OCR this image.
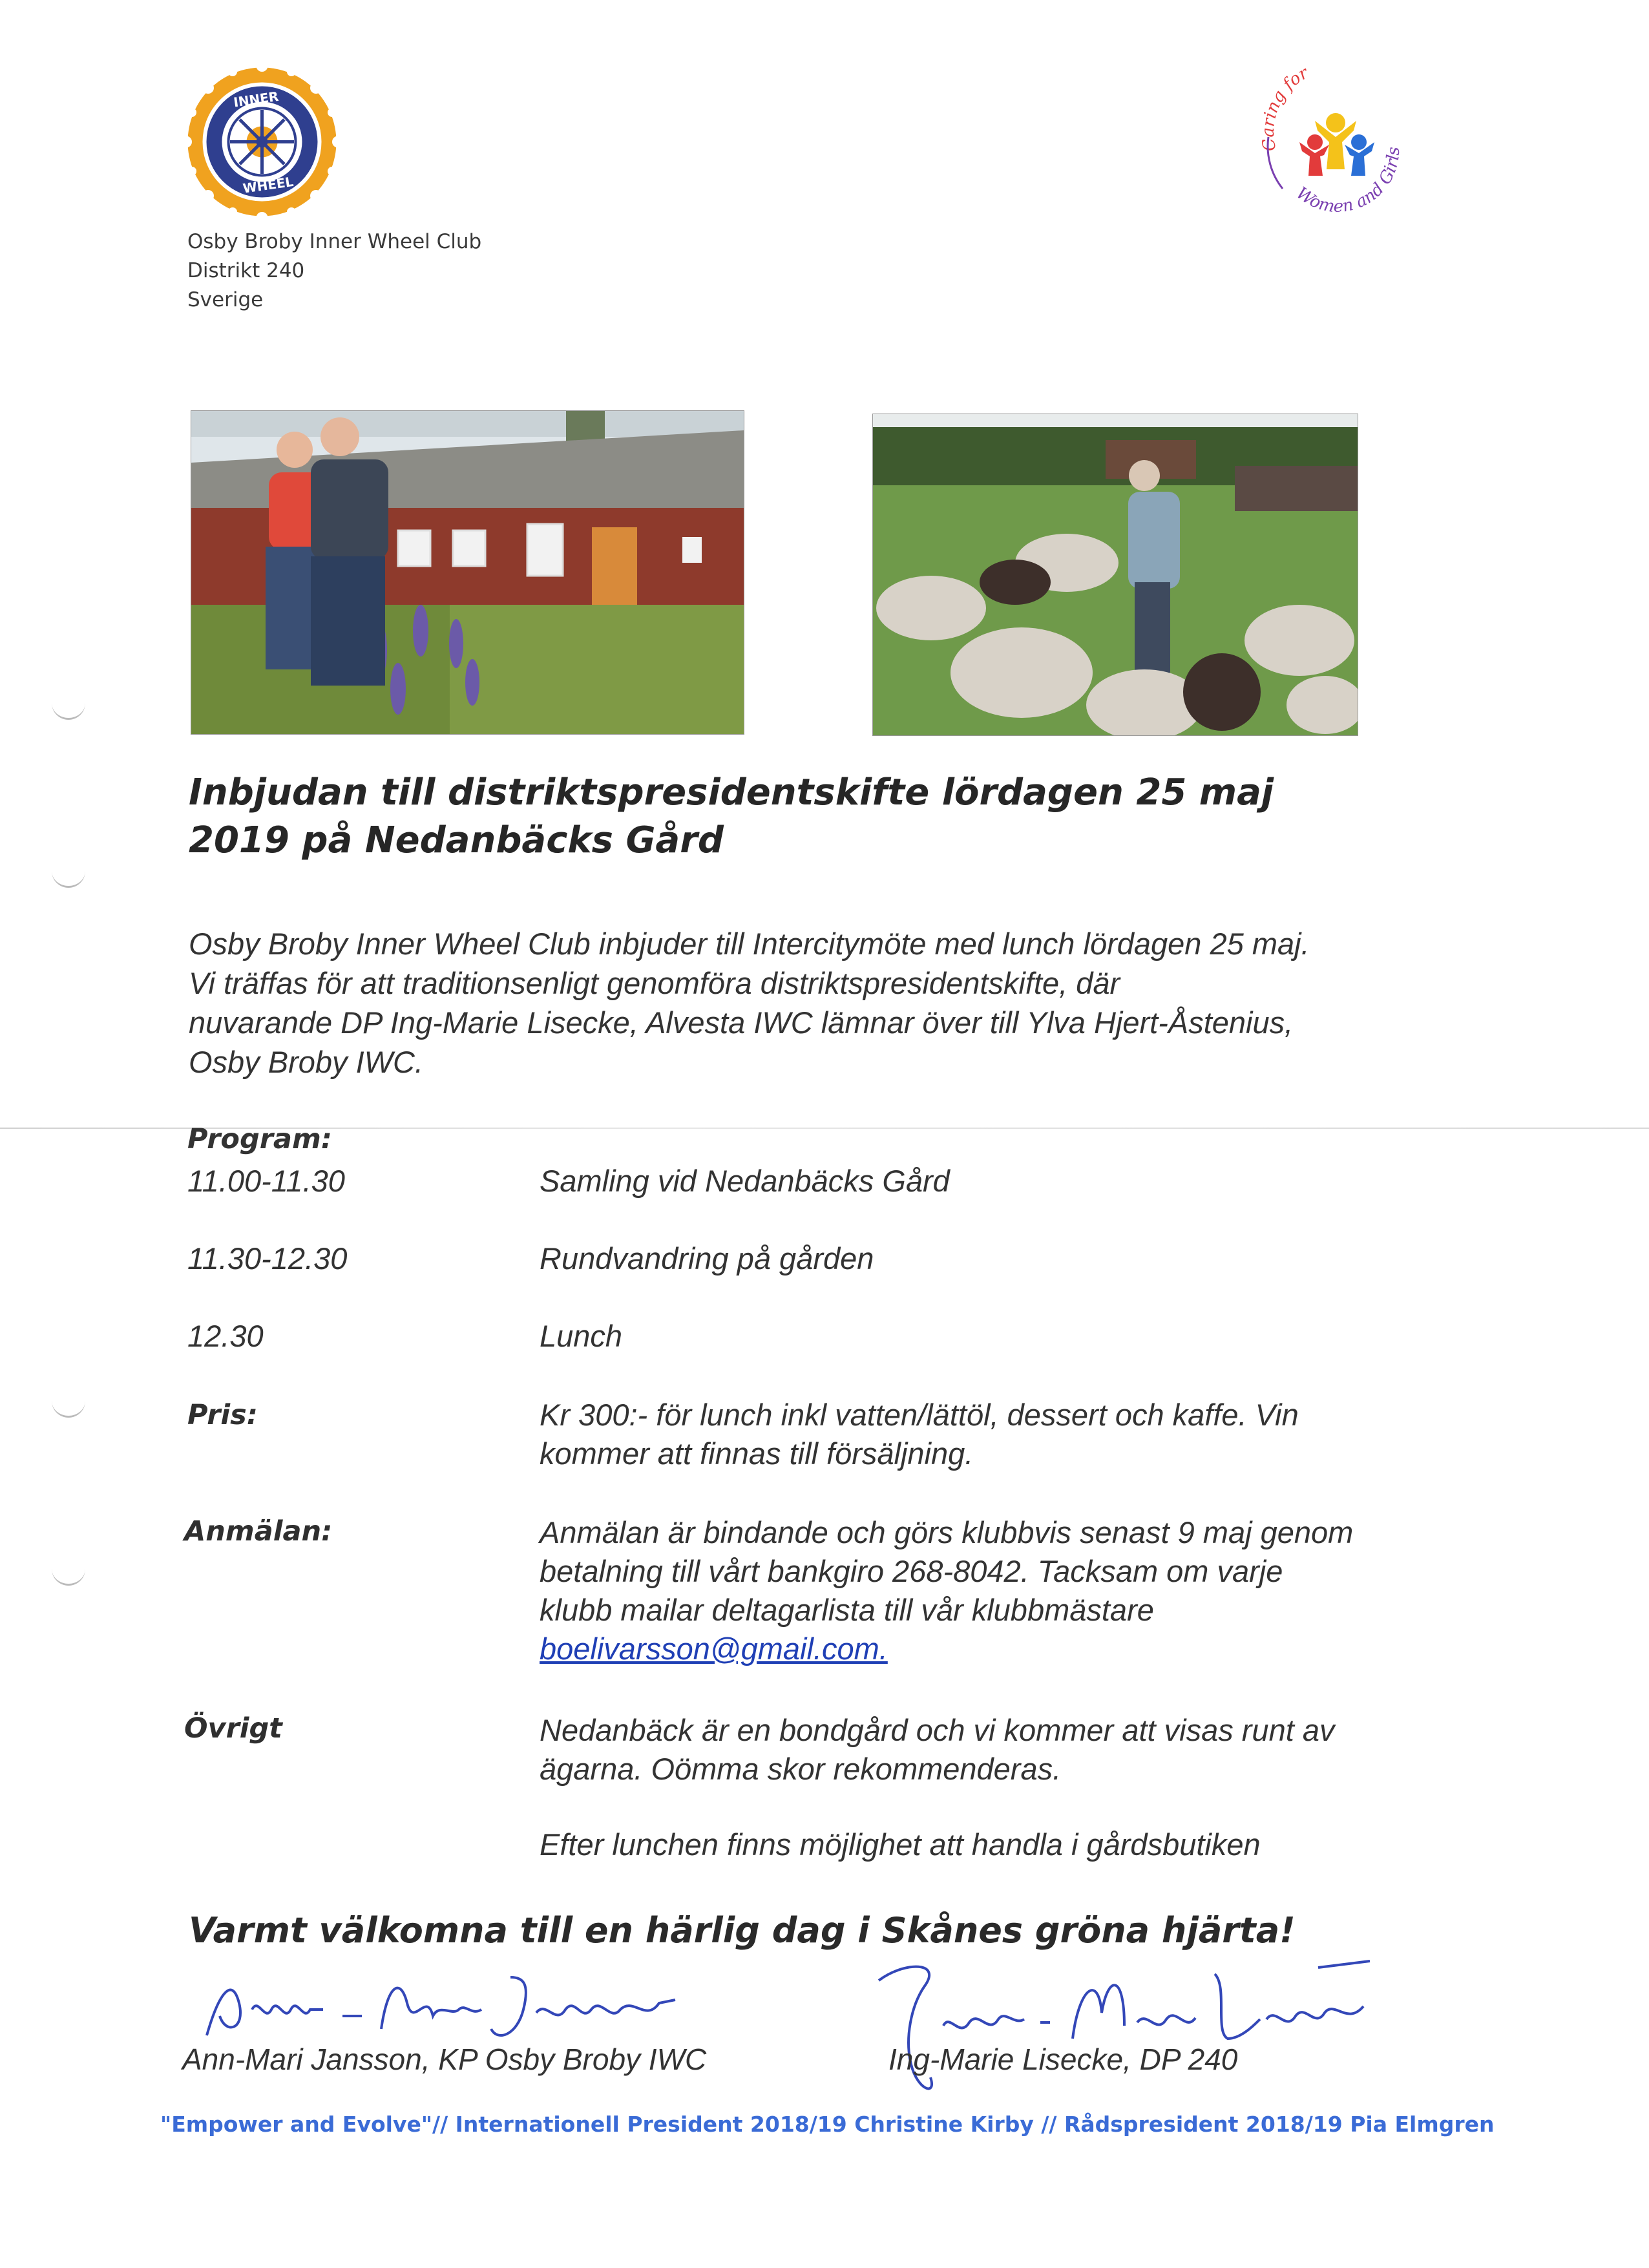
INNER
WHEEL
Caring for
Women and Girls
Osby Broby Inner Wheel Club
Distrikt 240
Sverige
Inbjudan till distriktspresidentskifte lördagen 25 maj
2019 på Nedanbäcks Gård
Osby Broby Inner Wheel Club inbjuder till Intercitymöte med lunch lördagen 25 maj.
Vi träffas för att traditionsenligt genomföra distriktspresidentskifte, där
nuvarande DP Ing-Marie Lisecke, Alvesta IWC lämnar över till Ylva Hjert-Åstenius,
Osby Broby IWC.
Program:
11.00-11.30	Samling vid Nedanbäcks Gård
11.30-12.30	Rundvandring på gården
12.30	Lunch
Pris:	Kr 300:- för lunch inkl vatten/lättöl, dessert och kaffe. Vin
kommer att finnas till försäljning.
Anmälan:	Anmälan är bindande och görs klubbvis senast 9 maj genom
betalning till vårt bankgiro 268-8042. Tacksam om varje
klubb mailar deltagarlista till vår klubbmästare
boelivarsson@gmail.com.
Övrigt	Nedanbäck är en bondgård och vi kommer att visas runt av
ägarna. Oömma skor rekommenderas.
Efter lunchen finns möjlighet att handla i gårdsbutiken
Varmt välkomna till en härlig dag i Skånes gröna hjärta!
Ann-Mari Jansson, KP Osby Broby IWC	Ing-Marie Lisecke, DP 240
"Empower and Evolve"// Internationell President 2018/19 Christine Kirby // Rådspresident 2018/19 Pia Elmgren
